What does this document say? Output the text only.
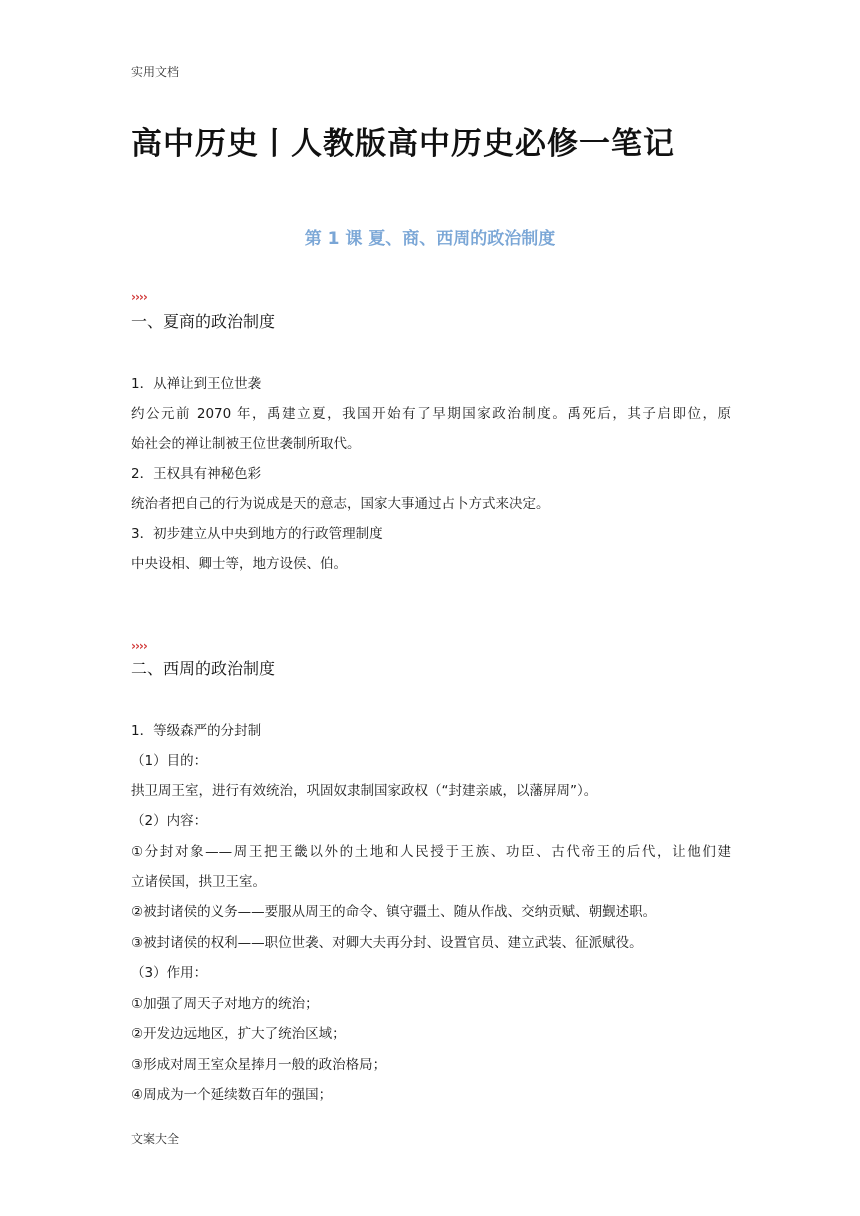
实用文档
高中历史丨人教版高中历史必修一笔记
第 1 课 夏、商、西周的政治制度
››››
一、夏商的政治制度
1．从禅让到王位世袭
约公元前 2070 年，禹建立夏，我国开始有了早期国家政治制度。禹死后，其子启即位，原
始社会的禅让制被王位世袭制所取代。
2．王权具有神秘色彩
统治者把自己的行为说成是天的意志，国家大事通过占卜方式来决定。
3．初步建立从中央到地方的行政管理制度
中央设相、卿士等，地方设侯、伯。
››››
二、西周的政治制度
1．等级森严的分封制
（1）目的：
拱卫周王室，进行有效统治，巩固奴隶制国家政权（“封建亲戚，以藩屏周”）。
（2）内容：
①分封对象——周王把王畿以外的土地和人民授于王族、功臣、古代帝王的后代，让他们建
立诸侯国，拱卫王室。
②被封诸侯的义务——要服从周王的命令、镇守疆土、随从作战、交纳贡赋、朝觐述职。
③被封诸侯的权利——职位世袭、对卿大夫再分封、设置官员、建立武装、征派赋役。
（3）作用：
①加强了周天子对地方的统治；
②开发边远地区，扩大了统治区域；
③形成对周王室众星捧月一般的政治格局；
④周成为一个延续数百年的强国；
文案大全
